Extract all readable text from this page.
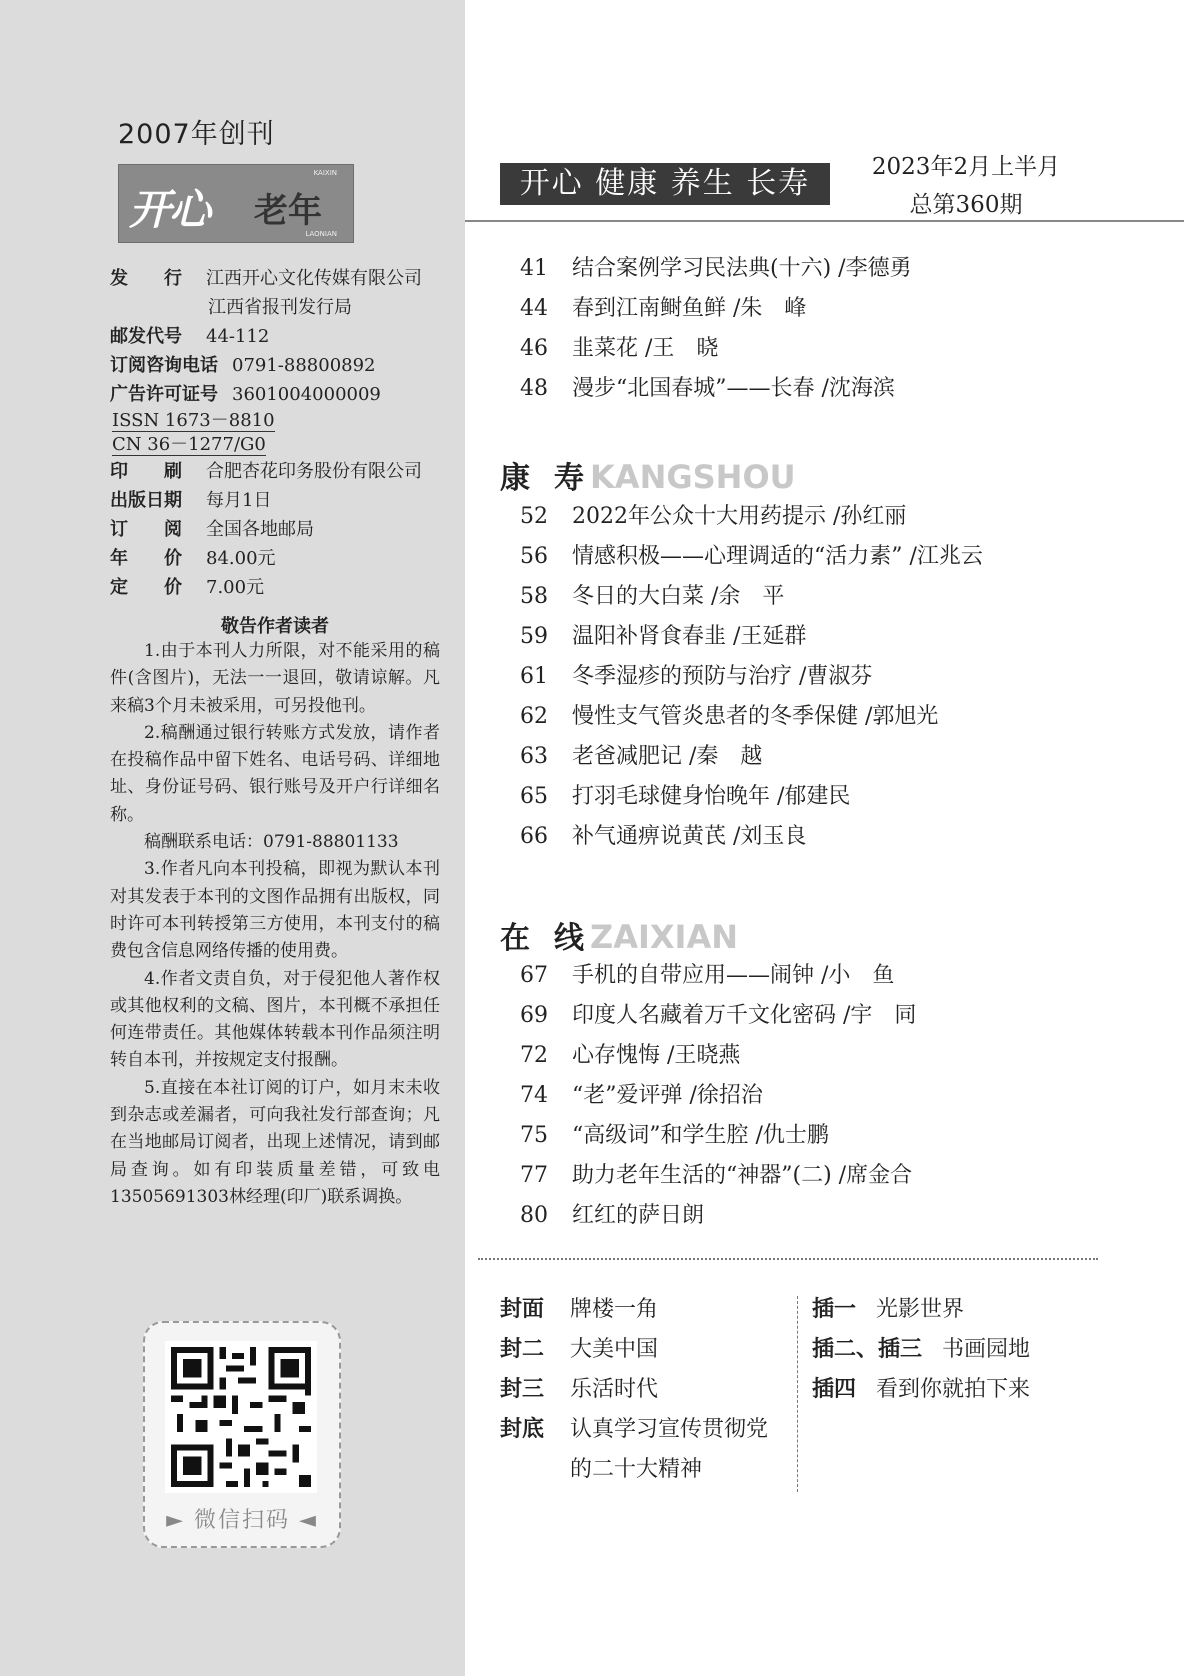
2007年创刊
开心 老年
KAIXIN
LAONIAN
发　　行 江西开心文化传媒有限公司
江西省报刊发行局
邮发代号 44-112
订阅咨询电话 0791-88800892
广告许可证号 3601004000009
ISSN 1673－8810
CN 36－1277/G0
印　　刷 合肥杏花印务股份有限公司
出版日期 每月1日
订　　阅 全国各地邮局
年　　价 84.00元
定　　价 7.00元
敬告作者读者

1.由于本刊人力所限，对不能采用的稿件(含图片)，无法一一退回，敬请谅解。凡来稿3个月未被采用，可另投他刊。

2.稿酬通过银行转账方式发放，请作者在投稿作品中留下姓名、电话号码、详细地址、身份证号码、银行账号及开户行详细名称。

稿酬联系电话：0791-88801133

3.作者凡向本刊投稿，即视为默认本刊对其发表于本刊的文图作品拥有出版权，同时许可本刊转授第三方使用，本刊支付的稿费包含信息网络传播的使用费。

4.作者文责自负，对于侵犯他人著作权或其他权利的文稿、图片，本刊概不承担任何连带责任。其他媒体转载本刊作品须注明转自本刊，并按规定支付报酬。

5.直接在本社订阅的订户，如月末未收到杂志或差漏者，可向我社发行部查询；凡在当地邮局订阅者，出现上述情况，请到邮局查询。如有印装质量差错，可致电13505691303林经理(印厂)联系调换。

► 微信扫码 ◄
开心 健康 养生 长寿	2023年2月上半月
总第360期
41 结合案例学习民法典(十六) /李德勇
44 春到江南鲥鱼鲜 /朱　峰
46 韭菜花 /王　晓
48 漫步“北国春城”——长春 /沈海滨
康寿KANGSHOU
52 2022年公众十大用药提示 /孙红丽
56 情感积极——心理调适的“活力素” /江兆云
58 冬日的大白菜 /余　平
59 温阳补肾食春韭 /王延群
61 冬季湿疹的预防与治疗 /曹淑芬
62 慢性支气管炎患者的冬季保健 /郭旭光
63 老爸减肥记 /秦　越
65 打羽毛球健身怡晚年 /郁建民
66 补气通痹说黄芪 /刘玉良
在线ZAIXIAN
67 手机的自带应用——闹钟 /小　鱼
69 印度人名藏着万千文化密码 /宇　同
72 心存愧悔 /王晓燕
74 “老”爱评弹 /徐招治
75 “高级词”和学生腔 /仇士鹏
77 助力老年生活的“神器”(二) /席金合
80 红红的萨日朗
封面 牌楼一角
封二 大美中国
封三 乐活时代
封底 认真学习宣传贯彻党
的二十大精神
插一 光影世界
插二、插三 书画园地
插四 看到你就拍下来
